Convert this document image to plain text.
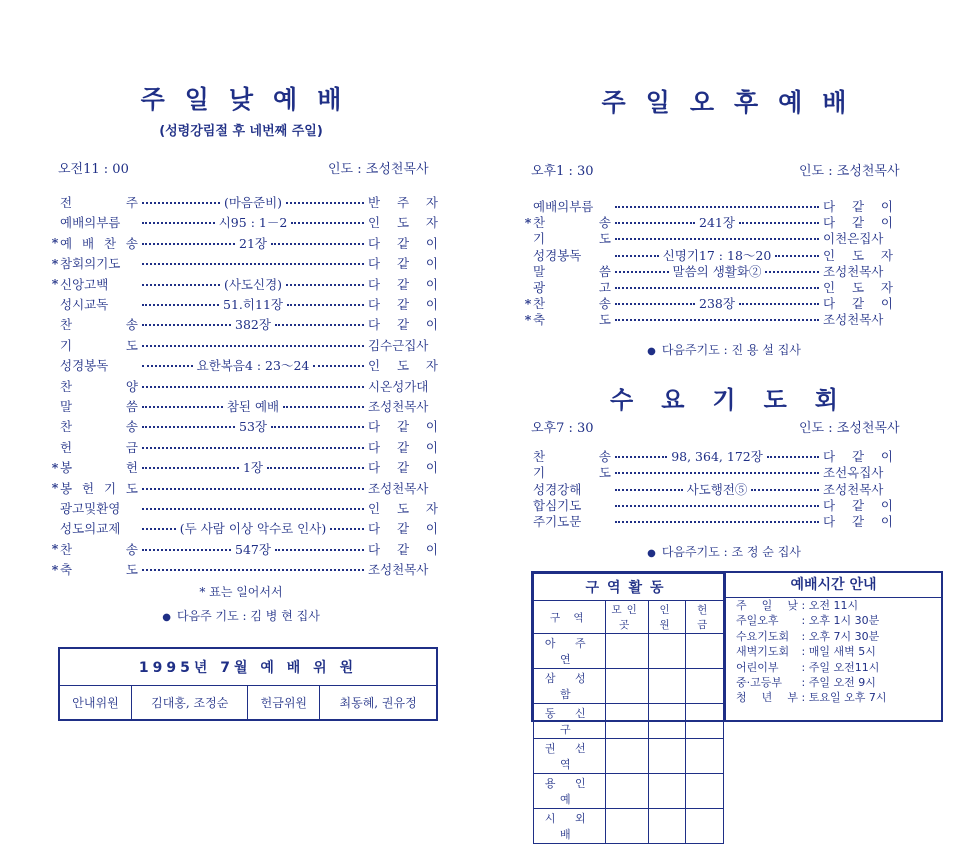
주일낮예배
(성령강림절 후 네번째 주일)
오전11 : 00	인도 : 조성천목사
전 주	(마음준비)	반 주 자
예배의부름	시95 : 1－2	인 도 자
* 예 배 찬 송	21장	다 같 이
* 참회의기도	다 같 이
* 신앙고백	(사도신경)	다 같 이
성시교독	51.히11장	다 같 이
찬 송	382장	다 같 이
기 도	김수근집사
성경봉독	요한복음4 : 23～24	인 도 자
찬 양	시온성가대
말 씀	참된 예배	조성천목사
찬 송	53장	다 같 이
헌 금	다 같 이
* 봉 헌	1장	다 같 이
* 봉 헌 기 도	조성천목사
광고및환영	인 도 자
성도의교제	(두 사람 이상 악수로 인사)	다 같 이
* 찬 송	547장	다 같 이
* 축 도	조성천목사
* 표는 일어서서
● 다음주 기도 : 김 병 현 집사
1995년 7월 예 배 위 원
안내위원	김대홍, 조정순	헌금위원	최동혜, 권유정
주일오후예배
오후1 : 30	인도 : 조성천목사
예배의부름	다 같 이
* 찬 송	241장	다 같 이
기 도	이천은집사
성경봉독	신명기17 : 18～20	인 도 자
말 씀	말씀의 생활화②	조성천목사
광 고	인 도 자
* 찬 송	238장	다 같 이
* 축 도	조성천목사
● 다음주기도 : 진 용 설 집사
수요기도회
오후7 : 30	인도 : 조성천목사
찬 송	98, 364, 172장	다 같 이
기 도	조선옥집사
성경강해	사도행전⑤	조성천목사
합심기도	다 같 이
주기도문	다 같 이
● 다음주기도 : 조 정 순 집사
구역활동			
구 역	모인곳	인 원	헌 금
아 주 연			
삼 성 함			
동 신 구			
권 선 역			
용 인 예			
시 외 배			
예배시간 안내
주 일 낮 : 오전 11시
주일오후 : 오후 1시 30분
수요기도회 : 오후 7시 30분
새벽기도회 : 매일 새벽 5시
어린이부 : 주일 오전11시
중·고등부 : 주일 오전 9시
청 년 부 : 토요일 오후 7시
